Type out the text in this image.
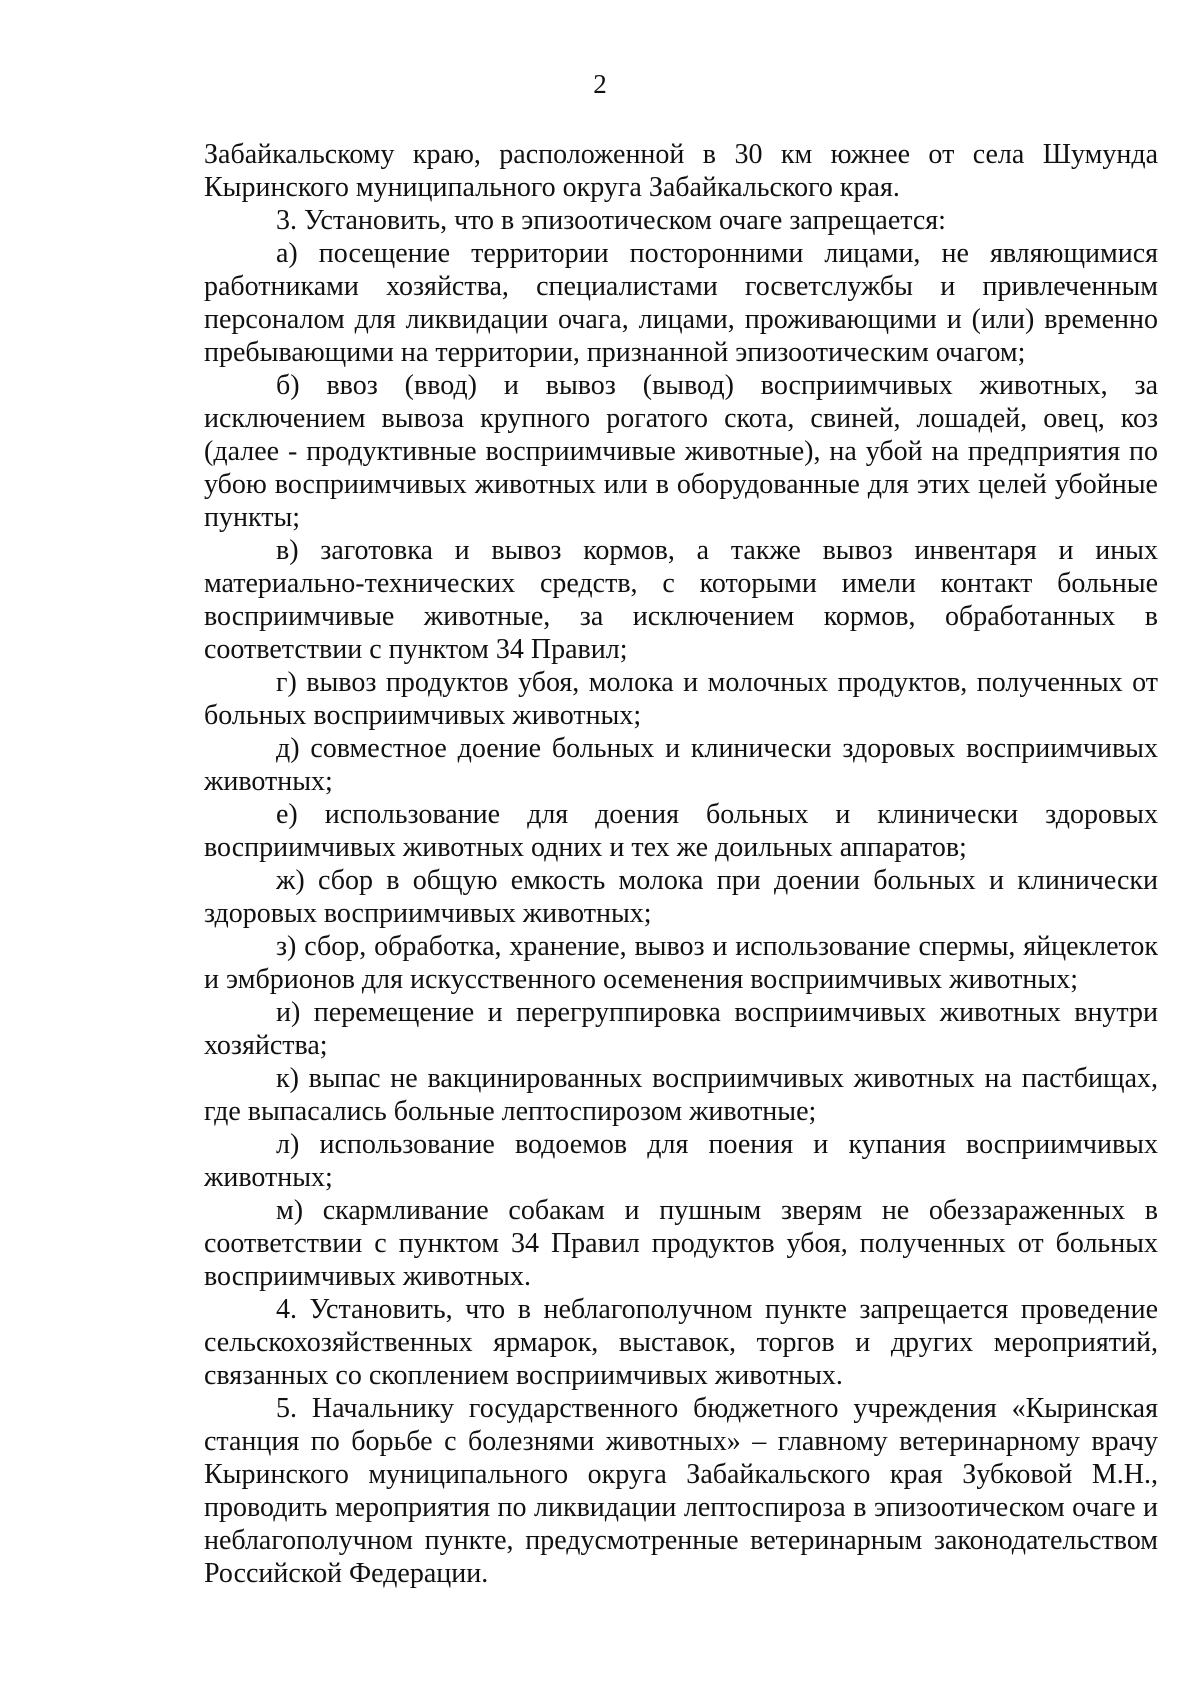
2

Забайкальскому краю, расположенной в 30 км южнее от села Шумунда Кыринского муниципального округа Забайкальского края.

3. Установить, что в эпизоотическом очаге запрещается:

а) посещение территории посторонними лицами, не являющимися работниками хозяйства, специалистами госветслужбы и привлеченным персоналом для ликвидации очага, лицами, проживающими и (или) временно пребывающими на территории, признанной эпизоотическим очагом;

б) ввоз (ввод) и вывоз (вывод) восприимчивых животных, за исключением вывоза крупного рогатого скота, свиней, лошадей, овец, коз (далее - продуктивные восприимчивые животные), на убой на предприятия по убою восприимчивых животных или в оборудованные для этих целей убойные пункты;

в) заготовка и вывоз кормов, а также вывоз инвентаря и иных материально-технических средств, с которыми имели контакт больные восприимчивые животные, за исключением кормов, обработанных в соответствии с пунктом 34 Правил;

г) вывоз продуктов убоя, молока и молочных продуктов, полученных от больных восприимчивых животных;

д) совместное доение больных и клинически здоровых восприимчивых животных;

е) использование для доения больных и клинически здоровых восприимчивых животных одних и тех же доильных аппаратов;

ж) сбор в общую емкость молока при доении больных и клинически здоровых восприимчивых животных;

з) сбор, обработка, хранение, вывоз и использование спермы, яйцеклеток и эмбрионов для искусственного осеменения восприимчивых животных;

и) перемещение и перегруппировка восприимчивых животных внутри хозяйства;

к) выпас не вакцинированных восприимчивых животных на пастбищах, где выпасались больные лептоспирозом животные;

л) использование водоемов для поения и купания восприимчивых животных;

м) скармливание собакам и пушным зверям не обеззараженных в соответствии с пунктом 34 Правил продуктов убоя, полученных от больных восприимчивых животных.

4. Установить, что в неблагополучном пункте запрещается проведение сельскохозяйственных ярмарок, выставок, торгов и других мероприятий, связанных со скоплением восприимчивых животных.

5. Начальнику государственного бюджетного учреждения «Кыринская станция по борьбе с болезнями животных» – главному ветеринарному врачу Кыринского муниципального округа Забайкальского края Зубковой М.Н., проводить мероприятия по ликвидации лептоспироза в эпизоотическом очаге и неблагополучном пункте, предусмотренные ветеринарным законодательством Российской Федерации.
